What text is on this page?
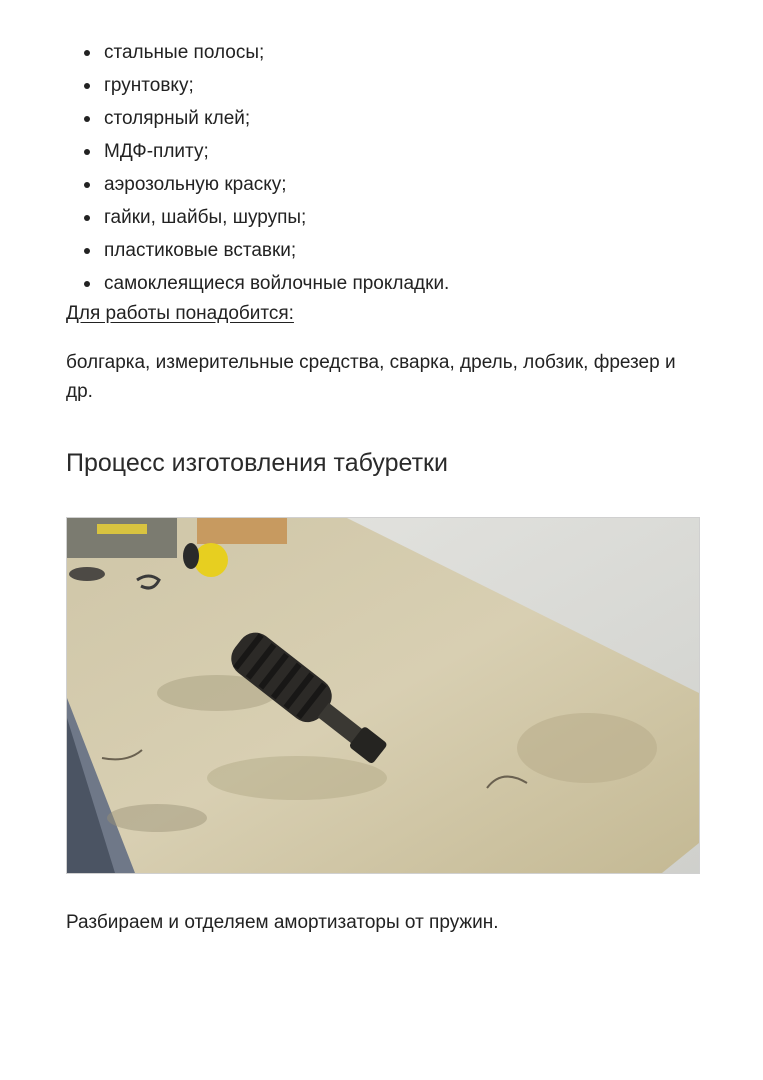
стальные полосы;
грунтовку;
столярный клей;
МДФ-плиту;
аэрозольную краску;
гайки, шайбы, шурупы;
пластиковые вставки;
самоклеящиеся войлочные прокладки.
Для работы понадобится:
болгарка, измерительные средства, сварка, дрель, лобзик, фрезер и др.
Процесс изготовления табуретки
Разбираем и отделяем амортизаторы от пружин.
